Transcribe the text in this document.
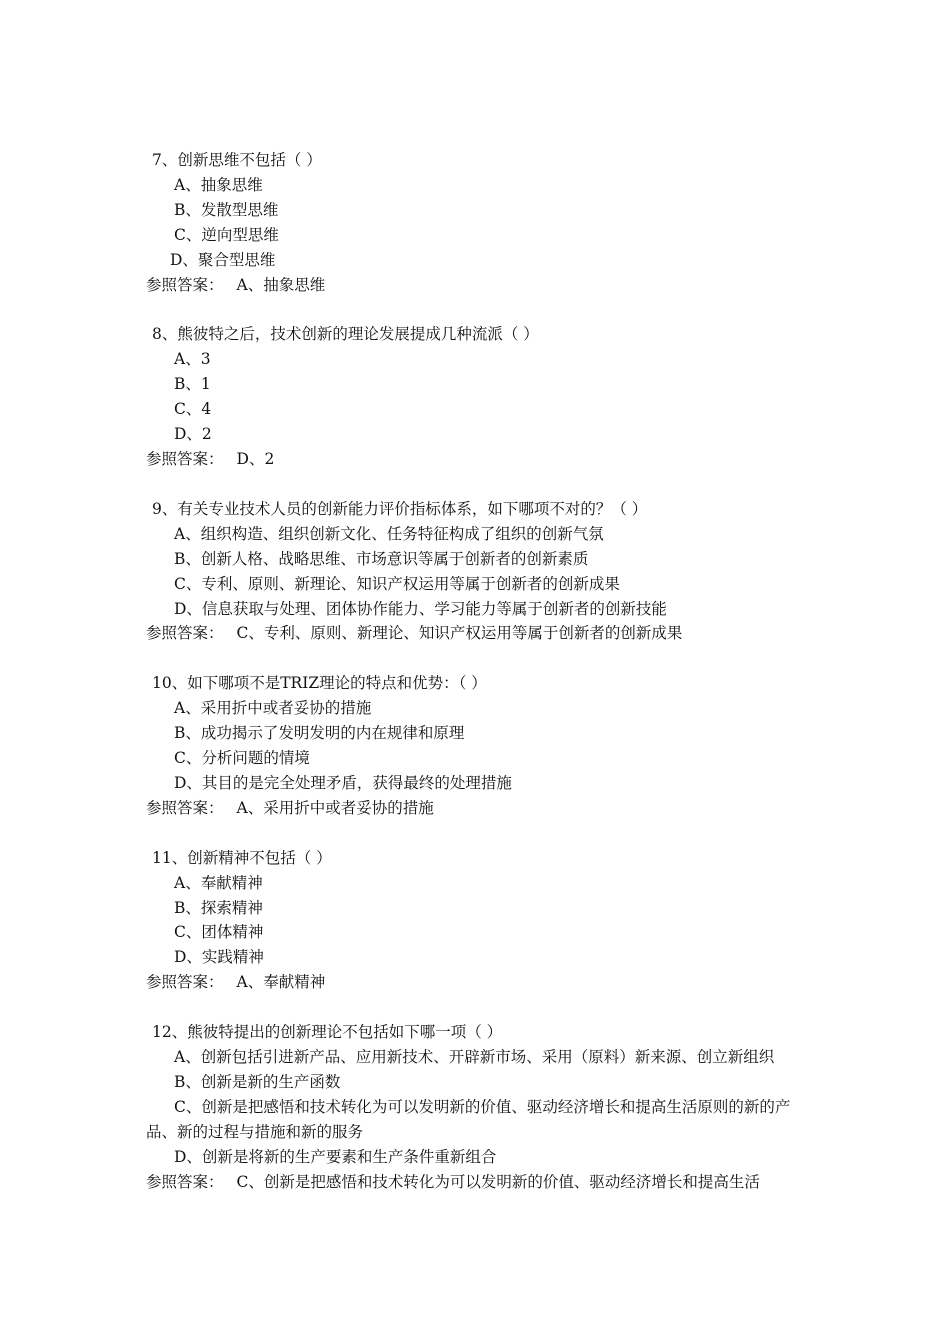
7、创新思维不包括（ ）
A、抽象思维
B、发散型思维
C、逆向型思维
D、聚合型思维
参照答案： A、抽象思维
8、熊彼特之后，技术创新的理论发展提成几种流派（ ）
A、3
B、1
C、4
D、2
参照答案： D、2
9、有关专业技术人员的创新能力评价指标体系，如下哪项不对的？（ ）
A、组织构造、组织创新文化、任务特征构成了组织的创新气氛
B、创新人格、战略思维、市场意识等属于创新者的创新素质
C、专利、原则、新理论、知识产权运用等属于创新者的创新成果
D、信息获取与处理、团体协作能力、学习能力等属于创新者的创新技能
参照答案： C、专利、原则、新理论、知识产权运用等属于创新者的创新成果
10、如下哪项不是TRIZ理论的特点和优势：（ ）
A、采用折中或者妥协的措施
B、成功揭示了发明发明的内在规律和原理
C、分析问题的情境
D、其目的是完全处理矛盾，获得最终的处理措施
参照答案： A、采用折中或者妥协的措施
11、创新精神不包括（ ）
A、奉献精神
B、探索精神
C、团体精神
D、实践精神
参照答案： A、奉献精神
12、熊彼特提出的创新理论不包括如下哪一项（ ）
A、创新包括引进新产品、应用新技术、开辟新市场、采用（原料）新来源、创立新组织
B、创新是新的生产函数
C、创新是把感悟和技术转化为可以发明新的价值、驱动经济增长和提高生活原则的新的产品、新的过程与措施和新的服务
D、创新是将新的生产要素和生产条件重新组合
参照答案： C、创新是把感悟和技术转化为可以发明新的价值、驱动经济增长和提高生活
